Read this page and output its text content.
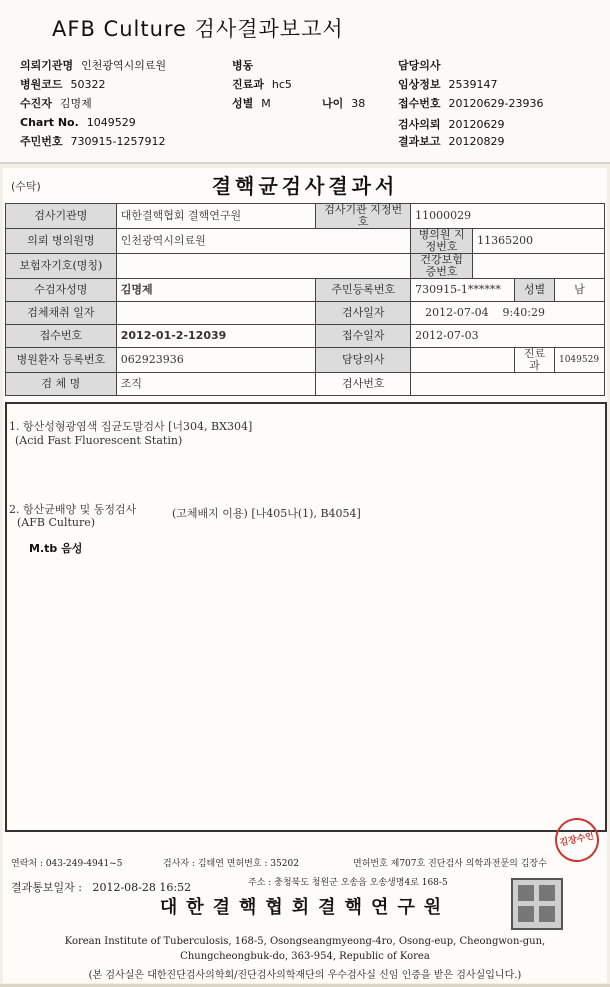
AFB Culture 검사결과보고서
의뢰기관명 인천광역시의료원	병동	담당의사
병원코드 50322	진료과 hc5	임상정보 2539147
수진자 김명제	성별 M	나이 38	접수번호 20120629-23936
Chart No. 1049529	검사의뢰 20120629
주민번호 730915-1257912	결과보고 20120829
(수탁)	결핵균검사결과서
검사기관명	대한결핵협회 결핵연구원	검사기관 지정번호	11000029			
의뢰 병의원명	인천광역시의료원		병의원 지정번호	11365200		
보험자기호(명칭)			건강보험 증번호			
수검자성명	김명제	주민등록번호	730915-1******		성별	남
검체채취 일자		검사일자	2012-07-04    9:40:29			
접수번호	2012-01-2-12039	접수일자	2012-07-03			
병원환자 등록번호	062923936	담당의사			진료과	1049529
검 체 명	조직	검사번호				
1. 항산성형광염색 집균도말검사 [너304, BX304]
(Acid Fast Fluorescent Statin)
2. 항산균배양 및 동정검사	(고체배지 이용) [나405나(1), B4054]
(AFB Culture)
M.tb 음성
연락처 : 043-249-4941~5	검사자 : 김태연 면허번호 : 35202	면허번호 제707호 진단검사 의학과전문의 김장수
결과통보일자 :   2012-08-28 16:52	주소 : 충청북도 청원군 오송읍 오송생명4로 168-5
김장수인
대한결핵협회결핵연구원
Korean Institute of Tuberculosis, 168-5, Osongseangmyeong-4ro, Osong-eup, Cheongwon-gun,
Chungcheongbuk-do, 363-954, Republic of Korea
(본 검사실은 대한진단검사의학회/진단검사의학재단의 우수검사실 신임 인증을 받은 검사실입니다.)
